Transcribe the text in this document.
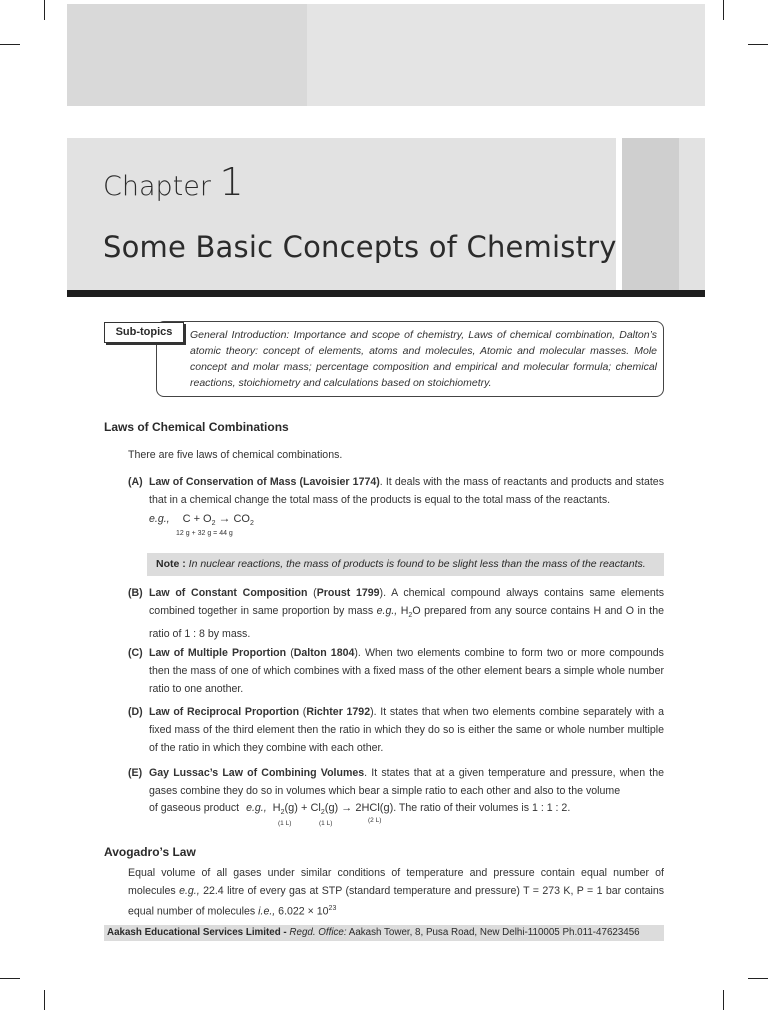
Chapter 1
Some Basic Concepts of Chemistry
Sub-topics	General Introduction: Importance and scope of chemistry, Laws of chemical combination, Dalton’s atomic theory: concept of elements, atoms and molecules, Atomic and molecular masses. Mole concept and molar mass; percentage composition and empirical and molecular formula; chemical reactions, stoichiometry and calculations based on stoichiometry.
Laws of Chemical Combinations
There are five laws of chemical combinations.
(A) Law of Conservation of Mass (Lavoisier 1774). It deals with the mass of reactants and products and states that in a chemical change the total mass of the products is equal to the total mass of the reactants.
e.g., $C + O_2 \to CO_2$
12 g + 32 g = 44 g
Note : In nuclear reactions, the mass of products is found to be slight less than the mass of the reactants.
(B) Law of Constant Composition (Proust 1799). A chemical compound always contains same elements combined together in same proportion by mass e.g., $H_2O$ prepared from any source contains H and O in the ratio of 1 : 8 by mass.
(C) Law of Multiple Proportion (Dalton 1804). When two elements combine to form two or more compounds then the mass of one of which combines with a fixed mass of the other element bears a simple whole number ratio to one another.
(D) Law of Reciprocal Proportion (Richter 1792). It states that when two elements combine separately with a fixed mass of the third element then the ratio in which they do so is either the same or whole number multiple of the ratio in which they combine with each other.
(E) Gay Lussac’s Law of Combining Volumes. It states that at a given temperature and pressure, when the gases combine they do so in volumes which bear a simple ratio to each other and also to the volume
of gaseous product e.g., $H_2(g) + Cl_2(g) \to 2HCl(g)$. The ratio of their volumes is 1 : 1 : 2.
(1 L)	(1 L)	(2 L)
Avogadro’s Law
Equal volume of all gases under similar conditions of temperature and pressure contain equal number of molecules e.g., 22.4 litre of every gas at STP (standard temperature and pressure) T = 273 K, P = 1 bar contains equal number of molecules i.e., $6.022 \times 10^{23}$
Aakash Educational Services Limited - Regd. Office: Aakash Tower, 8, Pusa Road, New Delhi-110005 Ph.011-47623456
